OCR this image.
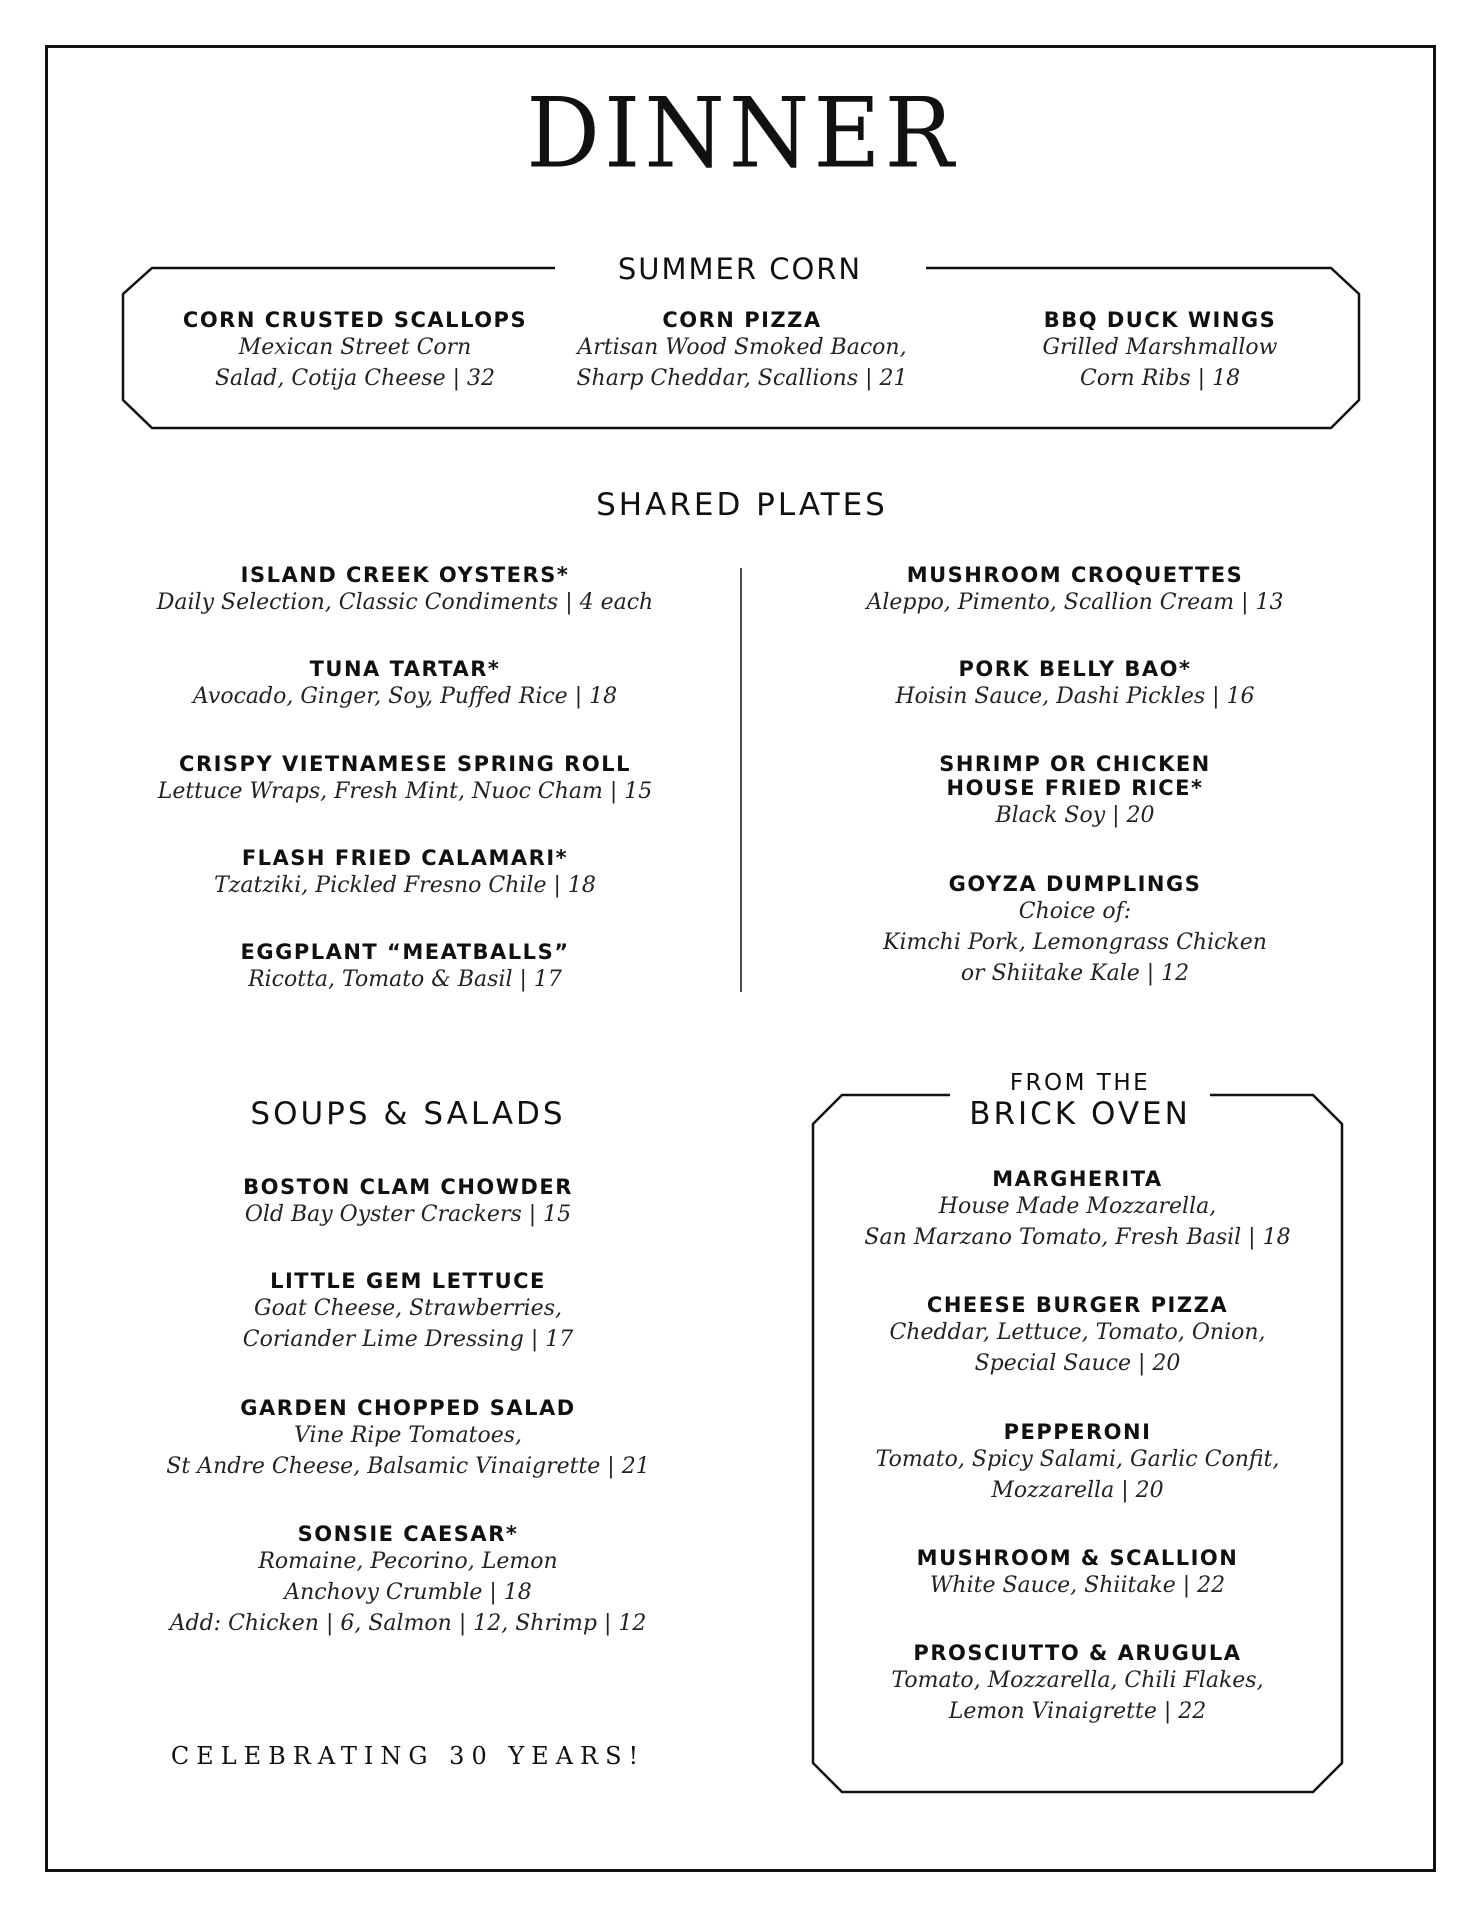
DINNER
SUMMER CORN

CORN CRUSTED SCALLOPS

Mexican Street Corn

Salad, Cotija Cheese | 32

CORN PIZZA

Artisan Wood Smoked Bacon,

Sharp Cheddar, Scallions | 21

BBQ DUCK WINGS

Grilled Marshmallow

Corn Ribs | 18

SHARED PLATES

ISLAND CREEK OYSTERS*

Daily Selection, Classic Condiments | 4 each

TUNA TARTAR*

Avocado, Ginger, Soy, Puffed Rice | 18

CRISPY VIETNAMESE SPRING ROLL

Lettuce Wraps, Fresh Mint, Nuoc Cham | 15

FLASH FRIED CALAMARI*

Tzatziki, Pickled Fresno Chile | 18

EGGPLANT “MEATBALLS”

Ricotta, Tomato & Basil | 17

MUSHROOM CROQUETTES

Aleppo, Pimento, Scallion Cream | 13

PORK BELLY BAO*

Hoisin Sauce, Dashi Pickles | 16

SHRIMP OR CHICKEN

HOUSE FRIED RICE*

Black Soy | 20

GOYZA DUMPLINGS

Choice of:

Kimchi Pork, Lemongrass Chicken

or Shiitake Kale | 12

SOUPS & SALADS

BOSTON CLAM CHOWDER

Old Bay Oyster Crackers | 15

LITTLE GEM LETTUCE

Goat Cheese, Strawberries,

Coriander Lime Dressing | 17

GARDEN CHOPPED SALAD

Vine Ripe Tomatoes,

St Andre Cheese, Balsamic Vinaigrette | 21

SONSIE CAESAR*

Romaine, Pecorino, Lemon

Anchovy Crumble | 18

Add: Chicken | 6, Salmon | 12, Shrimp | 12

FROM THE
BRICK OVEN

MARGHERITA

House Made Mozzarella,

San Marzano Tomato, Fresh Basil | 18

CHEESE BURGER PIZZA

Cheddar, Lettuce, Tomato, Onion,

Special Sauce | 20

PEPPERONI

Tomato, Spicy Salami, Garlic Confit,

Mozzarella | 20

MUSHROOM & SCALLION

White Sauce, Shiitake | 22

PROSCIUTTO & ARUGULA

Tomato, Mozzarella, Chili Flakes,

Lemon Vinaigrette | 22

CELEBRATING 30 YEARS!
